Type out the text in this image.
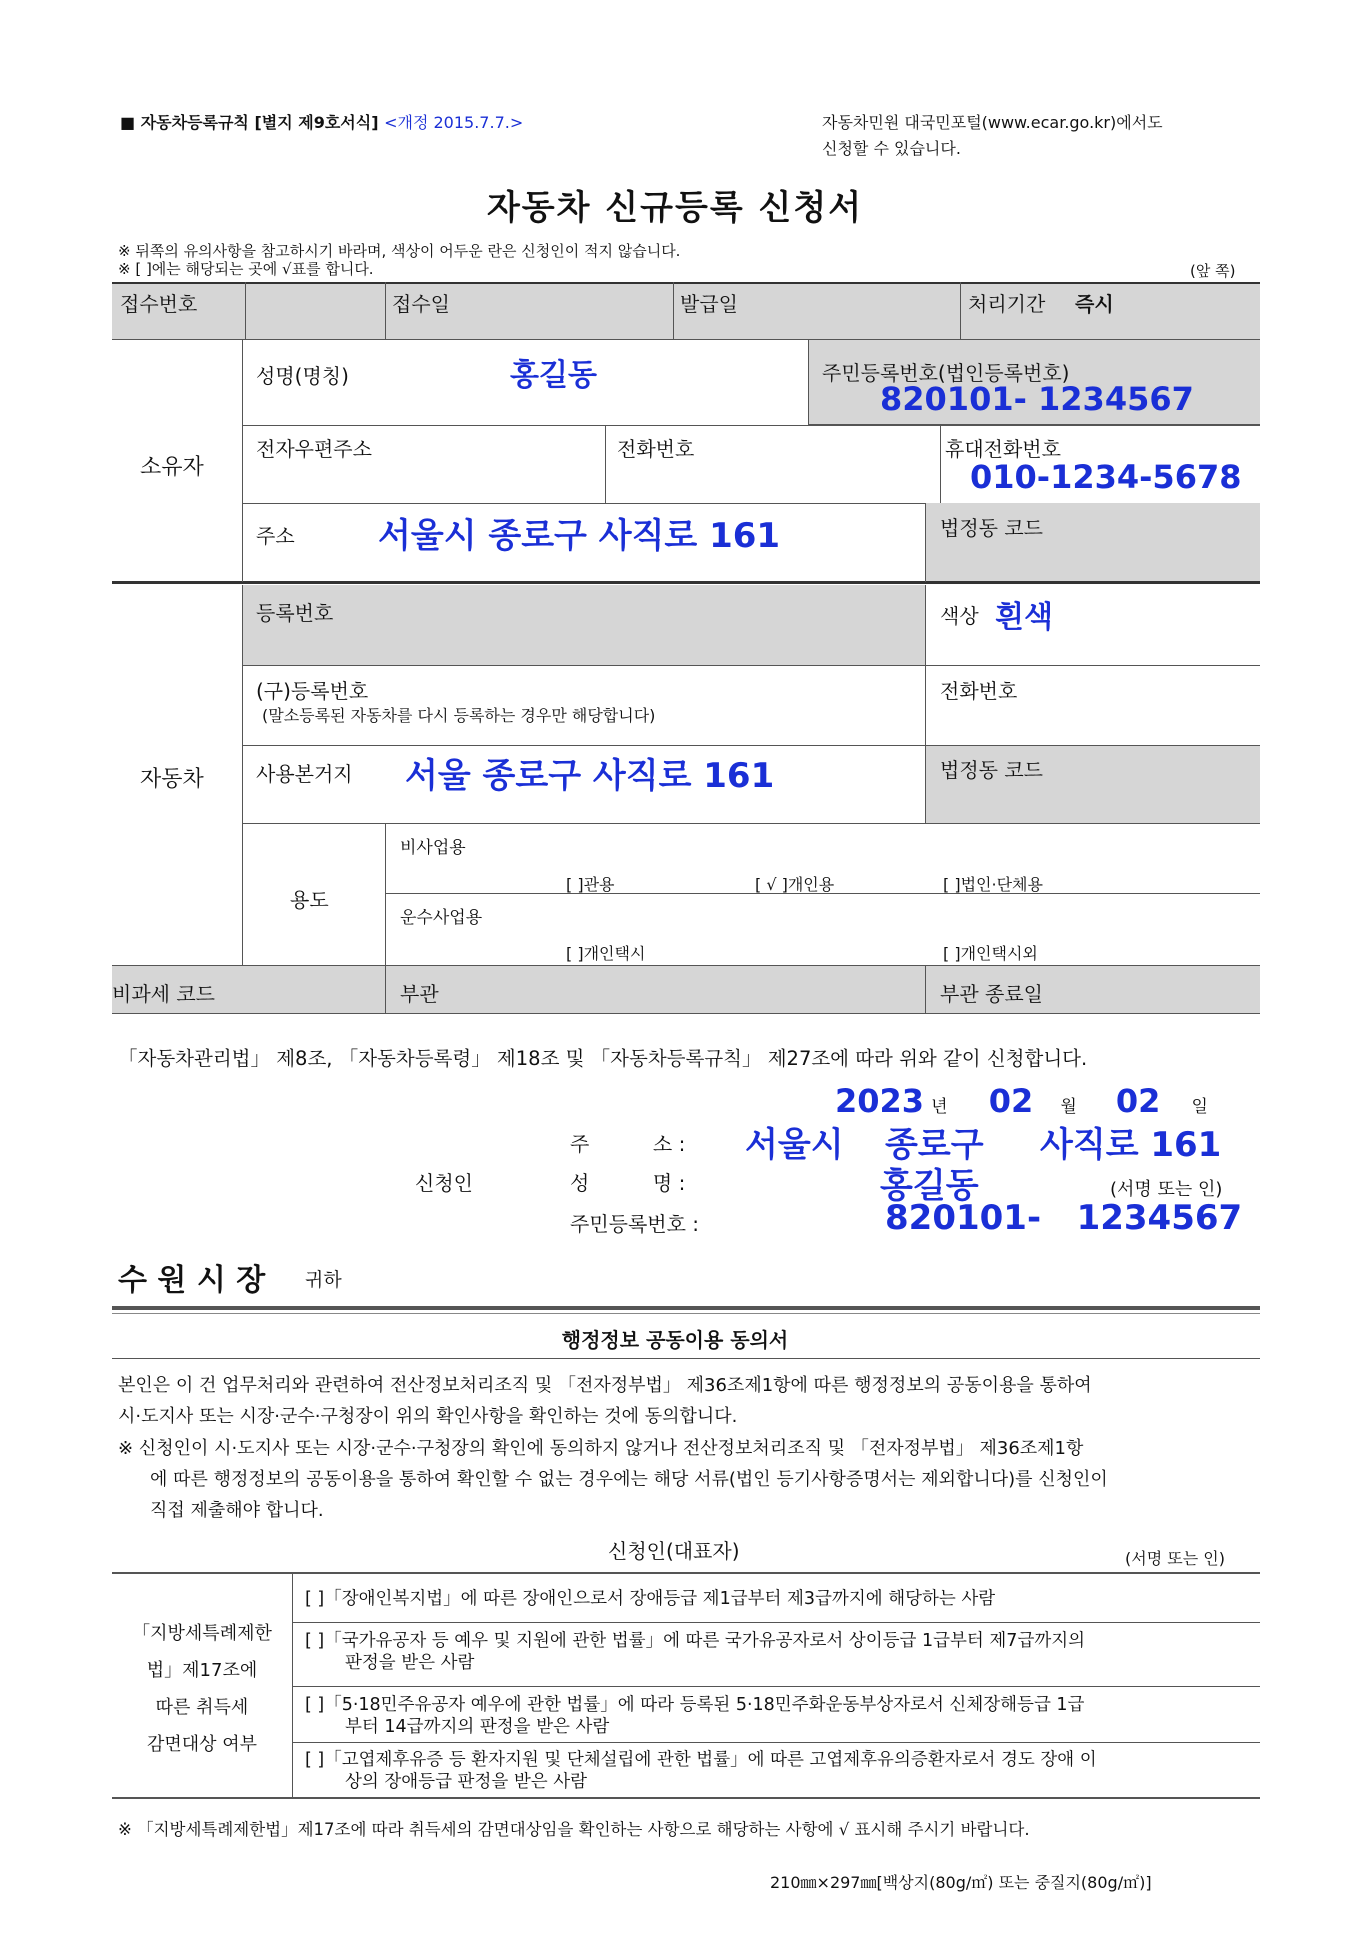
■ 자동차등록규칙 [별지 제9호서식] <개정 2015.7.7.>	자동차민원 대국민포털(www.ecar.go.kr)에서도
신청할 수 있습니다.
자동차 신규등록 신청서
※ 뒤쪽의 유의사항을 참고하시기 바라며, 색상이 어두운 란은 신청인이 적지 않습니다.
※ [ ]에는 해당되는 곳에 √표를 합니다.	(앞 쪽)
접수번호	접수일	발급일	처리기간 즉시
소유자
성명(명칭)	홍길동	주민등록번호(법인등록번호)
820101- 1234567
전자우편주소	전화번호	휴대전화번호
010-1234-5678
주소 서울시 종로구 사직로 161	법정동 코드
자동차
등록번호	색상 흰색
(구)등록번호
(말소등록된 자동차를 다시 등록하는 경우만 해당합니다)
전화번호
사용본거지 서울 종로구 사직로 161	법정동 코드
용도
비사업용
[ ]관용	[ √ ]개인용	[ ]법인·단체용
운수사업용
[ ]개인택시	[ ]개인택시외
비과세 코드	부관	부관 종료일
「자동차관리법」 제8조, 「자동차등록령」 제18조 및 「자동차등록규칙」 제27조에 따라 위와 같이 신청합니다.
2023 년 02 월 02 일
신청인
주          소 : 서울시 종로구 사직로 161
성          명 :	홍길동	(서명 또는 인)
주민등록번호 :	820101-   1234567
수 원 시 장 귀하
행정정보 공동이용 동의서
본인은 이 건 업무처리와 관련하여 전산정보처리조직 및 「전자정부법」 제36조제1항에 따른 행정정보의 공동이용을 통하여
시·도지사 또는 시장·군수·구청장이 위의 확인사항을 확인하는 것에 동의합니다.
※ 신청인이 시·도지사 또는 시장·군수·구청장의 확인에 동의하지 않거나 전산정보처리조직 및 「전자정부법」 제36조제1항
에 따른 행정정보의 공동이용을 통하여 확인할 수 없는 경우에는 해당 서류(법인 등기사항증명서는 제외합니다)를 신청인이
직접 제출해야 합니다.
신청인(대표자)	(서명 또는 인)
「지방세특례제한
법」제17조에
따른 취득세
감면대상 여부
[ ]「장애인복지법」에 따른 장애인으로서 장애등급 제1급부터 제3급까지에 해당하는 사람
[ ]「국가유공자 등 예우 및 지원에 관한 법률」에 따른 국가유공자로서 상이등급 1급부터 제7급까지의
판정을 받은 사람
[ ]「5·18민주유공자 예우에 관한 법률」에 따라 등록된 5·18민주화운동부상자로서 신체장해등급 1급
부터 14급까지의 판정을 받은 사람
[ ]「고엽제후유증 등 환자지원 및 단체설립에 관한 법률」에 따른 고엽제후유의증환자로서 경도 장애 이
상의 장애등급 판정을 받은 사람
※ 「지방세특례제한법」제17조에 따라 취득세의 감면대상임을 확인하는 사항으로 해당하는 사항에 √ 표시해 주시기 바랍니다.
210㎜×297㎜[백상지(80g/㎡) 또는 중질지(80g/㎡)]
